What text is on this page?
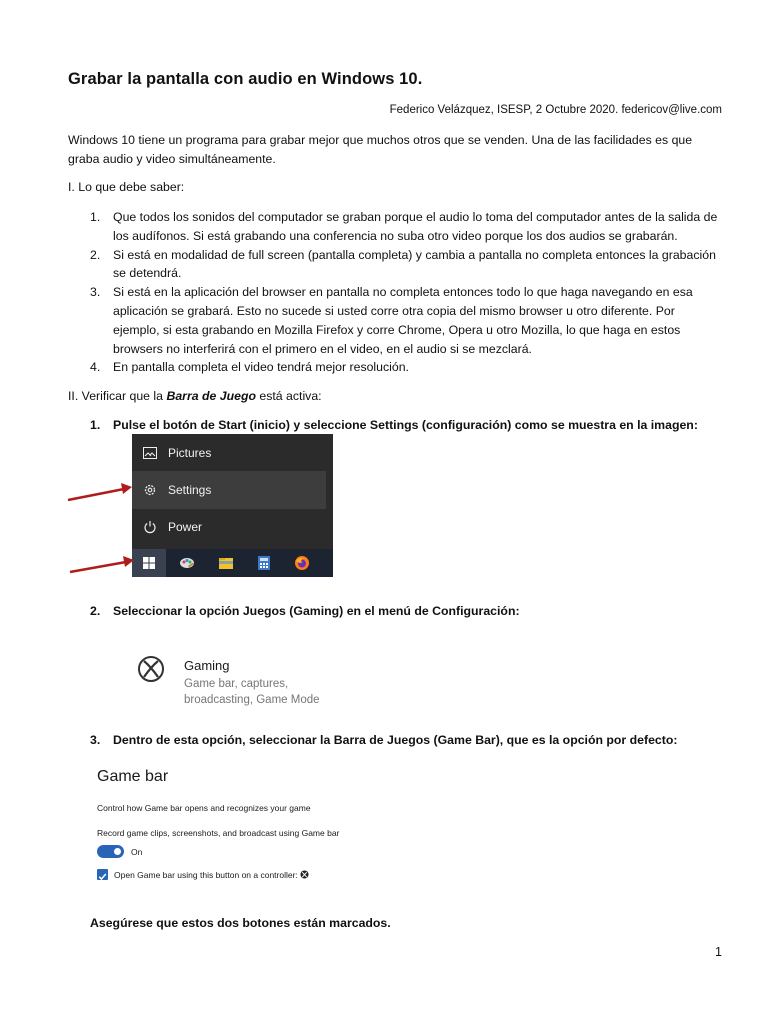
Grabar la pantalla con audio en Windows 10.
Federico Velázquez, ISESP, 2 Octubre 2020. federicov@live.com
Windows 10 tiene un programa para grabar mejor que muchos otros que se venden. Una de las facilidades es que graba audio y video simultáneamente.
I. Lo que debe saber:
1. Que todos los sonidos del computador se graban porque el audio lo toma del computador antes de la salida de los audífonos. Si está grabando una conferencia no suba otro video porque los dos audios se grabarán.
2. Si está en modalidad de full screen (pantalla completa) y cambia a pantalla no completa entonces la grabación se detendrá.
3. Si está en la aplicación del browser en pantalla no completa entonces todo lo que haga navegando en esa aplicación se grabará. Esto no sucede si usted corre otra copia del mismo browser u otro diferente. Por ejemplo, si esta grabando en Mozilla Firefox y corre Chrome, Opera u otro Mozilla, lo que haga en estos browsers no interferirá con el primero en el video, en el audio si se mezclará.
4. En pantalla completa el video tendrá mejor resolución.
II. Verificar que la Barra de Juego está activa:
1. Pulse el botón de Start (inicio) y seleccione Settings (configuración) como se muestra en la imagen:
Pictures
Settings
Power
2. Seleccionar la opción Juegos (Gaming) en el menú de Configuración:
Gaming
Game bar, captures,
broadcasting, Game Mode
3. Dentro de esta opción, seleccionar la Barra de Juegos (Game Bar), que es la opción por defecto:
Game bar
Control how Game bar opens and recognizes your game
Record game clips, screenshots, and broadcast using Game bar
On
Open Game bar using this button on a controller:
Asegúrese que estos dos botones están marcados.
1
